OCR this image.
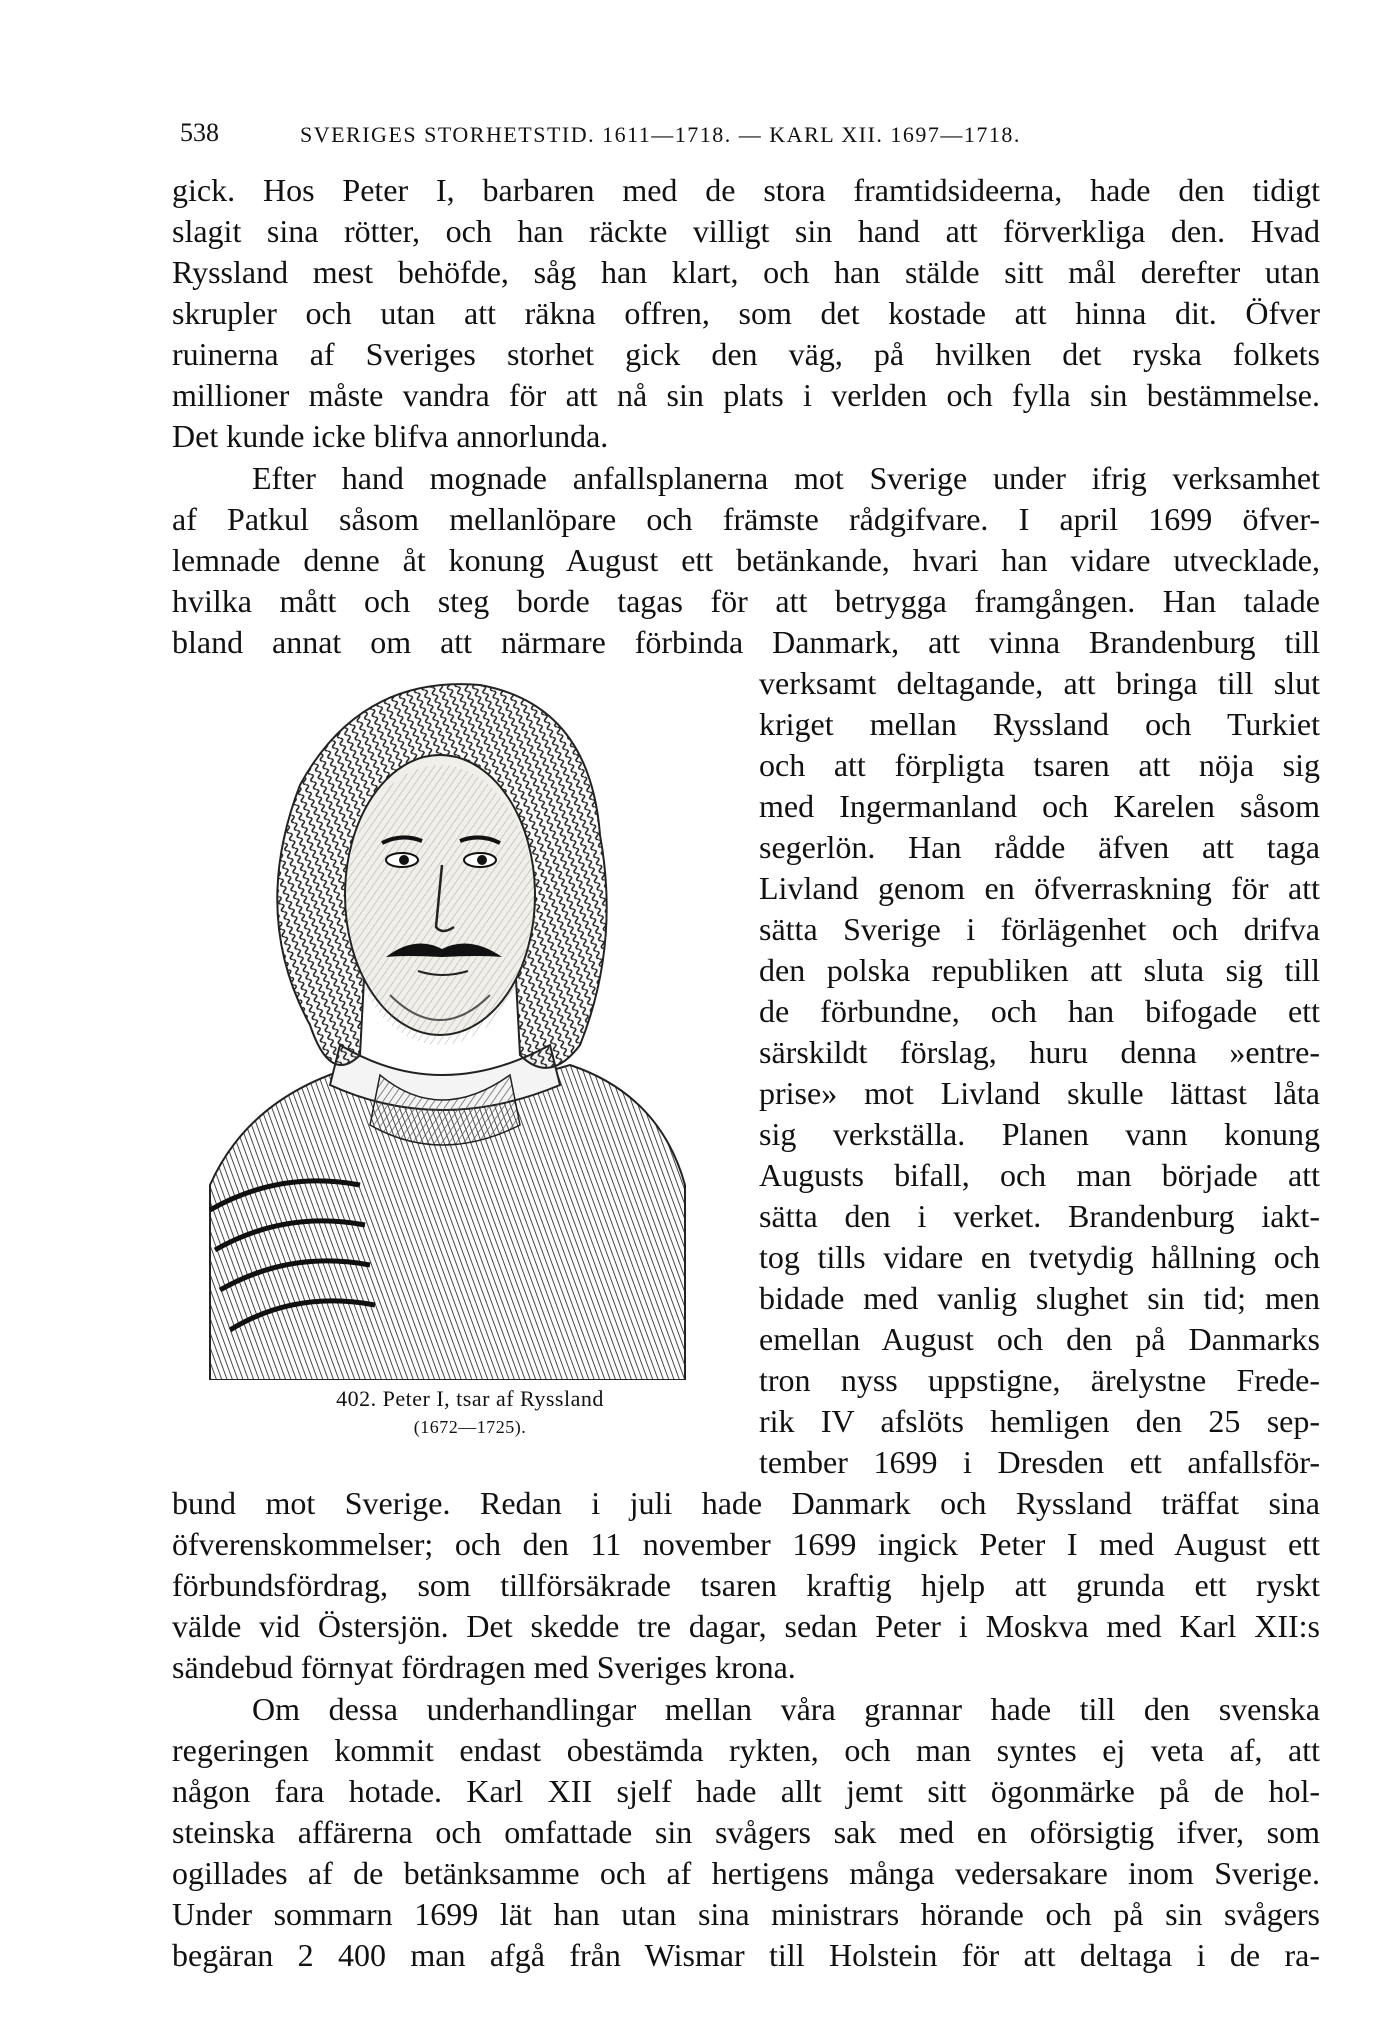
538	SVERIGES STORHETSTID. 1611—1718. — KARL XII. 1697—1718.
gick. Hos Peter I, barbaren med de stora framtidsideerna, hade den tidigt
slagit sina rötter, och han räckte villigt sin hand att förverkliga den. Hvad
Ryssland mest behöfde, såg han klart, och han stälde sitt mål derefter utan
skrupler och utan att räkna offren, som det kostade att hinna dit. Öfver
ruinerna af Sveriges storhet gick den väg, på hvilken det ryska folkets
millioner måste vandra för att nå sin plats i verlden och fylla sin bestämmelse.
Det kunde icke blifva annorlunda.
Efter hand mognade anfallsplanerna mot Sverige under ifrig verksamhet
af Patkul såsom mellanlöpare och främste rådgifvare. I april 1699 öfver-
lemnade denne åt konung August ett betänkande, hvari han vidare utvecklade,
hvilka mått och steg borde tagas för att betrygga framgången. Han talade
bland annat om att närmare förbinda Danmark, att vinna Brandenburg till
verksamt deltagande, att bringa till slut
kriget mellan Ryssland och Turkiet
och att förpligta tsaren att nöja sig
med Ingermanland och Karelen såsom
segerlön. Han rådde äfven att taga
Livland genom en öfverraskning för att
sätta Sverige i förlägenhet och drifva
den polska republiken att sluta sig till
de förbundne, och han bifogade ett
särskildt förslag, huru denna »entre-
prise» mot Livland skulle lättast låta
sig verkställa. Planen vann konung
Augusts bifall, och man började att
sätta den i verket. Brandenburg iakt-
tog tills vidare en tvetydig hållning och
bidade med vanlig slughet sin tid; men
emellan August och den på Danmarks
tron nyss uppstigne, ärelystne Frede-
rik IV afslöts hemligen den 25 sep-
tember 1699 i Dresden ett anfallsför-
bund mot Sverige. Redan i juli hade Danmark och Ryssland träffat sina
öfverenskommelser; och den 11 november 1699 ingick Peter I med August ett
förbundsfördrag, som tillförsäkrade tsaren kraftig hjelp att grunda ett ryskt
välde vid Östersjön. Det skedde tre dagar, sedan Peter i Moskva med Karl XII:s
sändebud förnyat fördragen med Sveriges krona.
Om dessa underhandlingar mellan våra grannar hade till den svenska
regeringen kommit endast obestämda rykten, och man syntes ej veta af, att
någon fara hotade. Karl XII sjelf hade allt jemt sitt ögonmärke på de hol-
steinska affärerna och omfattade sin svågers sak med en oförsigtig ifver, som
ogillades af de betänksamme och af hertigens många vedersakare inom Sverige.
Under sommarn 1699 lät han utan sina ministrars hörande och på sin svågers
begäran 2 400 man afgå från Wismar till Holstein för att deltaga i de ra-
402. Peter I, tsar af Ryssland
(1672—1725).
